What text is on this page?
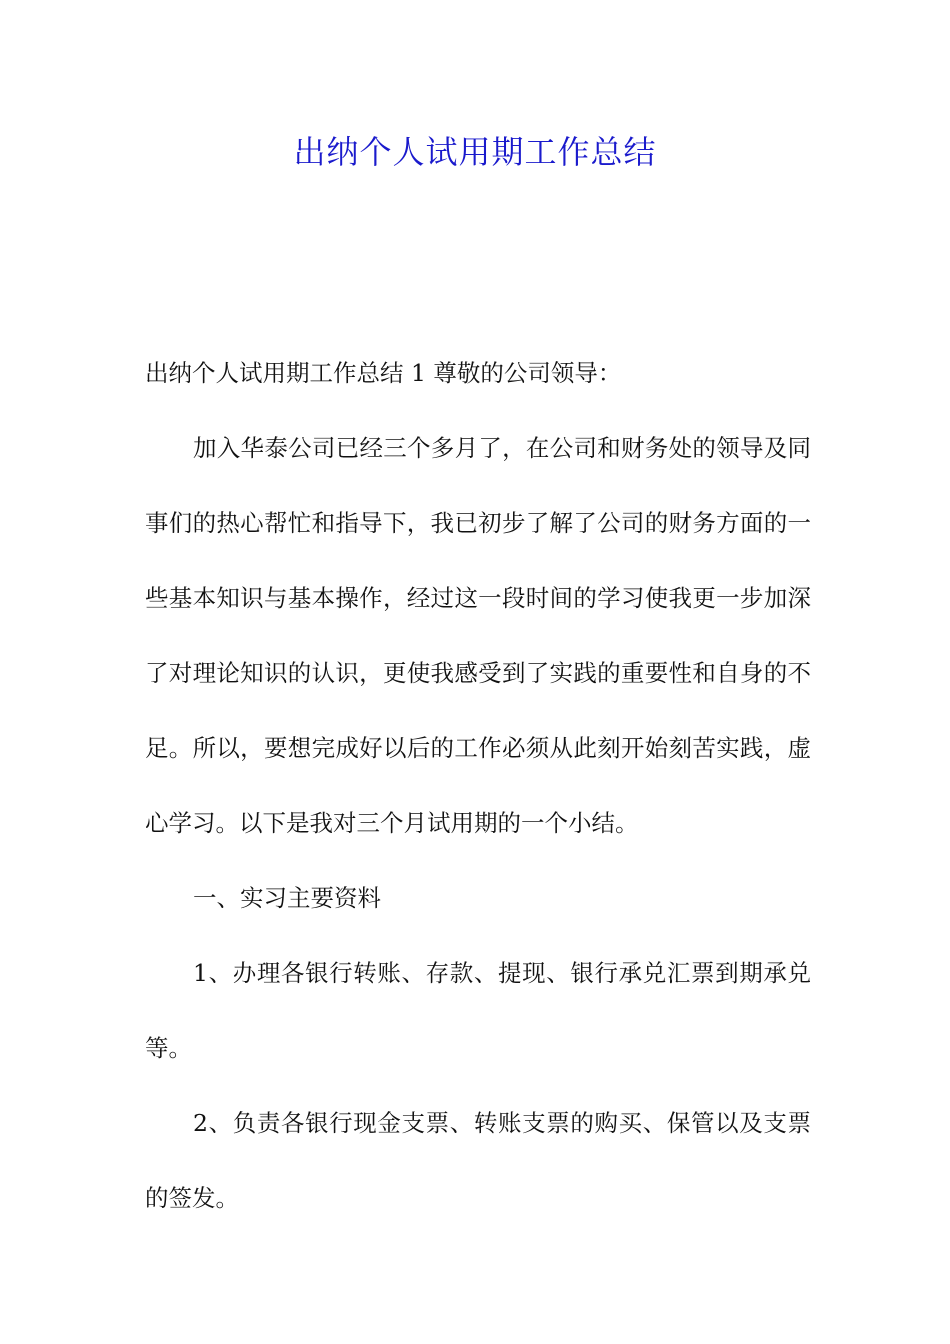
出纳个人试用期工作总结

出纳个人试用期工作总结 1 尊敬的公司领导：

加入华泰公司已经三个多月了，在公司和财务处的领导及同事们的热心帮忙和指导下，我已初步了解了公司的财务方面的一些基本知识与基本操作，经过这一段时间的学习使我更一步加深了对理论知识的认识，更使我感受到了实践的重要性和自身的不足。所以，要想完成好以后的工作必须从此刻开始刻苦实践，虚心学习。以下是我对三个月试用期的一个小结。

一、实习主要资料

1、办理各银行转账、存款、提现、银行承兑汇票到期承兑等。

2、负责各银行现金支票、转账支票的购买、保管以及支票的签发。
